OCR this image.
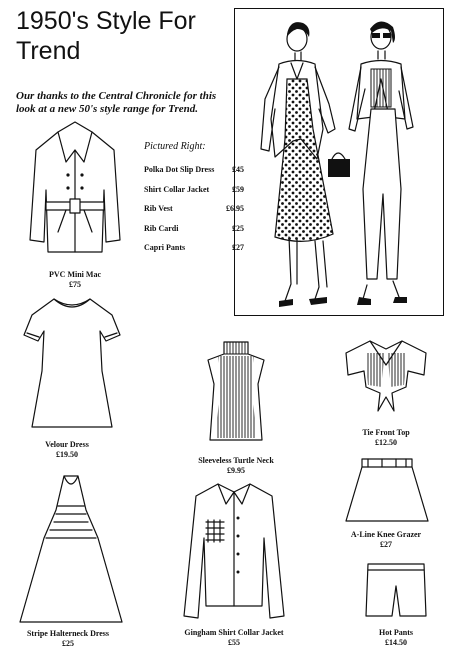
1950's Style For
Trend
Our thanks to the Central Chronicle for this look at a new 50's style range for Trend.
Pictured Right:
Polka Dot Slip Dress £45
Shirt Collar Jacket	£59
Rib Vest	£6.95
Rib Cardi	£25
Capri Pants	£27
PVC Mini Mac
£75
Velour Dress
£19.50
Sleeveless Turtle Neck
£9.95
Tie Front Top
£12.50
A-Line Knee Grazer
£27
Stripe Halterneck Dress
£25
Gingham Shirt Collar Jacket
£55
Hot Pants
£14.50
